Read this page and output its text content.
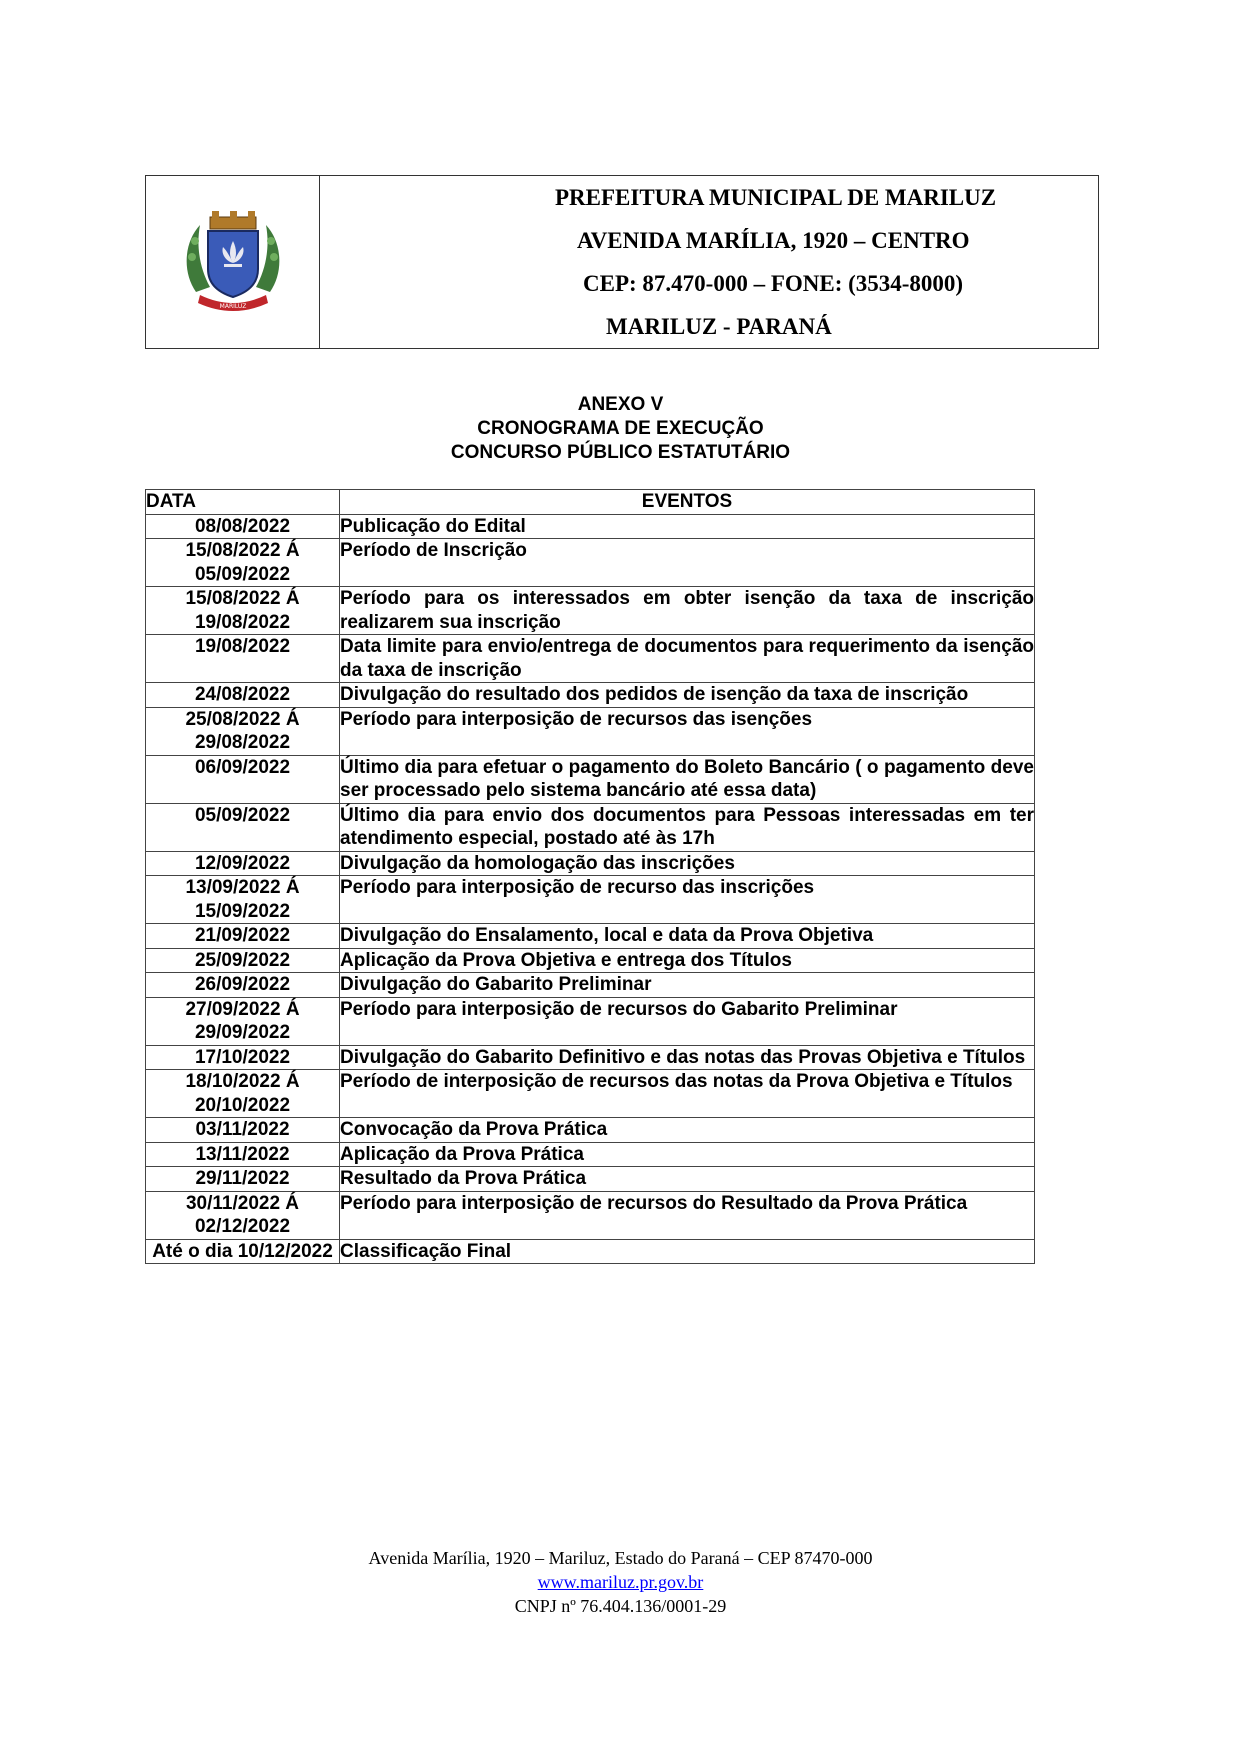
MARILUZ
PREFEITURA MUNICIPAL DE MARILUZ
AVENIDA MARÍLIA, 1920 – CENTRO
CEP: 87.470-000 – FONE: (3534-8000)
MARILUZ - PARANÁ
ANEXO V
CRONOGRAMA DE EXECUÇÃO
CONCURSO PÚBLICO ESTATUTÁRIO
DATA	EVENTOS
08/08/2022	Publicação do Edital
15/08/2022 Á 05/09/2022	Período de Inscrição
15/08/2022 Á 19/08/2022	Período para os interessados em obter isenção da taxa de inscrição realizarem sua inscrição
19/08/2022	Data limite para envio/entrega de documentos para requerimento da isenção da taxa de inscrição
24/08/2022	Divulgação do resultado dos pedidos de isenção da taxa de inscrição
25/08/2022 Á 29/08/2022	Período para interposição de recursos das isenções
06/09/2022	Último dia para efetuar o pagamento do Boleto Bancário ( o pagamento deve ser processado pelo sistema bancário até essa data)
05/09/2022	Último dia para envio dos documentos para Pessoas interessadas em ter atendimento especial, postado até às 17h
12/09/2022	Divulgação da homologação das inscrições
13/09/2022 Á 15/09/2022	Período para interposição de recurso das inscrições
21/09/2022	Divulgação do Ensalamento, local e data da Prova Objetiva
25/09/2022	Aplicação da Prova Objetiva e entrega dos Títulos
26/09/2022	Divulgação do Gabarito Preliminar
27/09/2022 Á 29/09/2022	Período para interposição de recursos do Gabarito Preliminar
17/10/2022	Divulgação do Gabarito Definitivo e das notas das Provas Objetiva e Títulos
18/10/2022 Á 20/10/2022	Período de interposição de recursos das notas da Prova Objetiva e Títulos
03/11/2022	Convocação da Prova Prática
13/11/2022	Aplicação da Prova Prática
29/11/2022	Resultado da Prova Prática
30/11/2022 Á 02/12/2022	Período para interposição de recursos do Resultado da Prova Prática
Até o dia 10/12/2022	Classificação Final
Avenida Marília, 1920 – Mariluz, Estado do Paraná – CEP 87470-000
www.mariluz.pr.gov.br
CNPJ nº 76.404.136/0001-29
